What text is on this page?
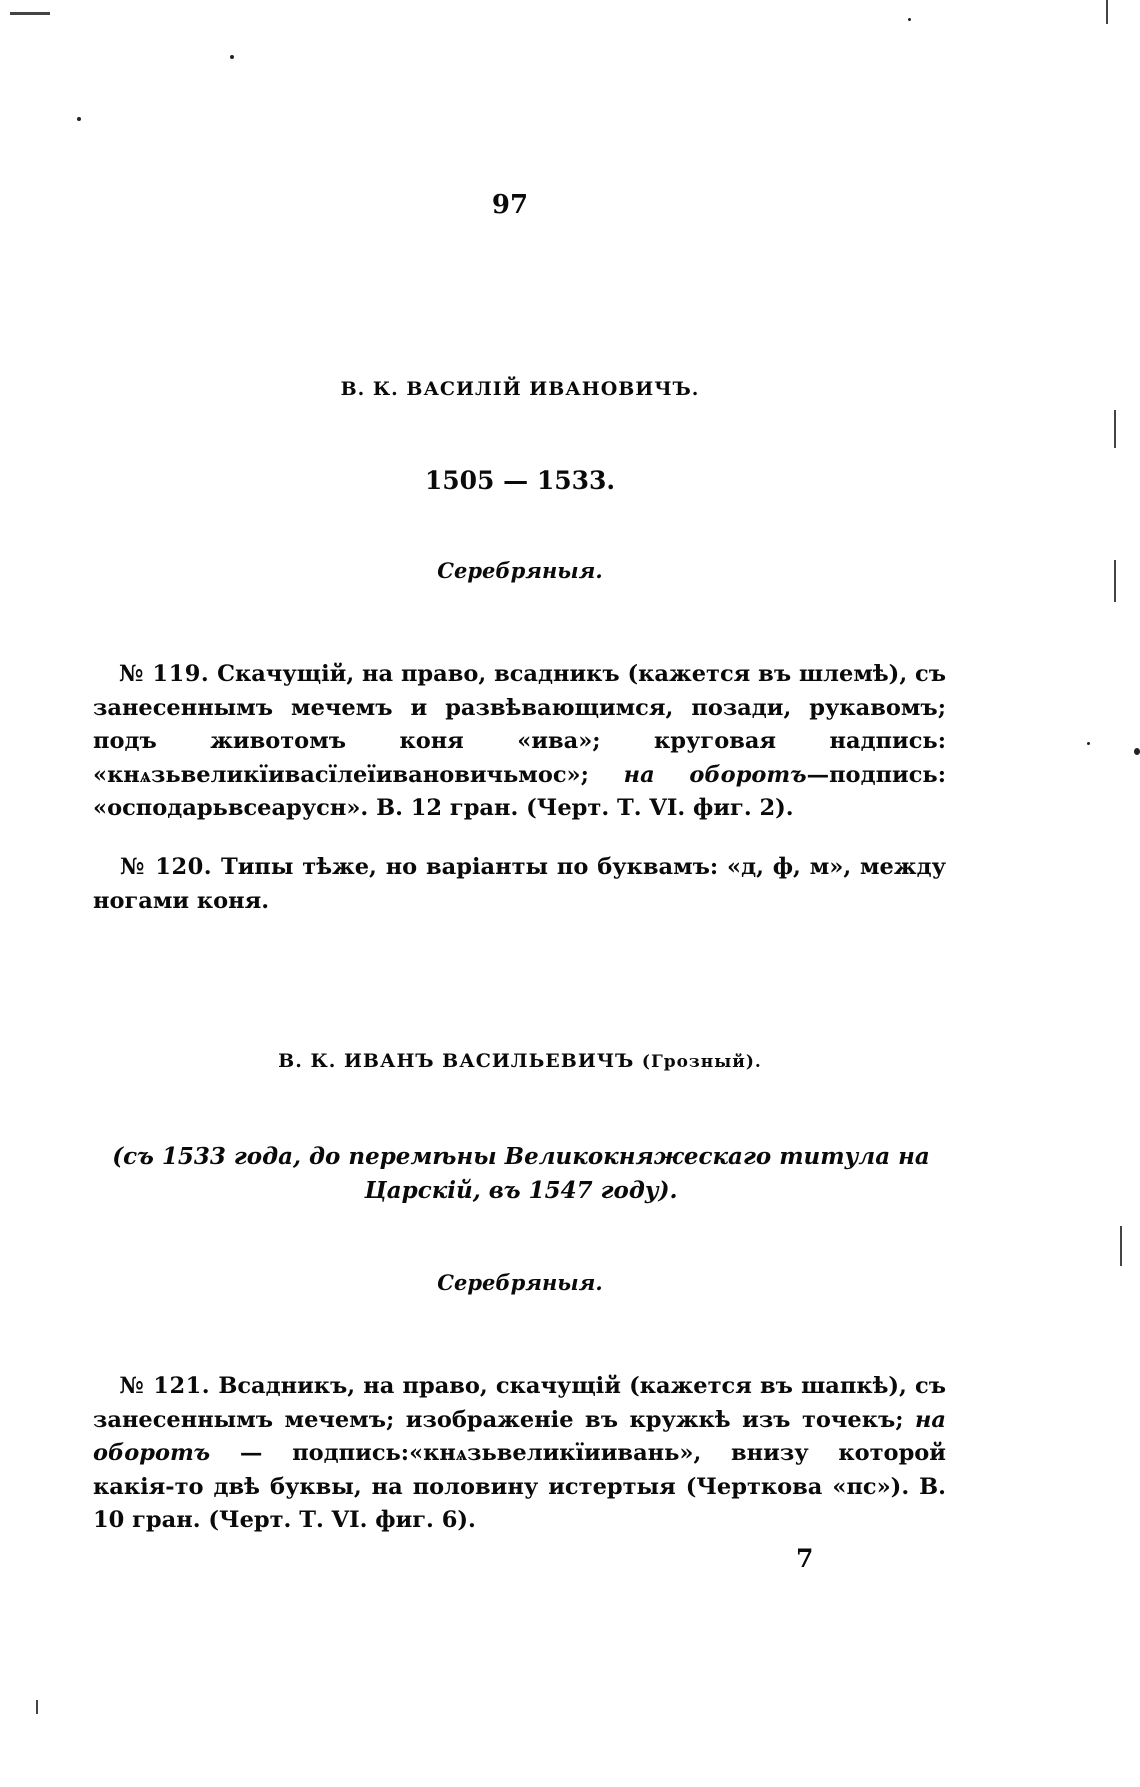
97
В. К. ВАСИЛІЙ ИВАНОВИЧЪ.
1505 — 1533.
Серебряныя.
№ 119. Скачущій, на право, всадникъ (кажется въ шлемѣ), съ занесеннымъ мечемъ и развѣвающимся, позади, рукавомъ; подъ животомъ коня «ива»; круговая надпись: «кнѧзьвеликїивасїлеїивановичьмос»; на оборотъ—подпись: «осподарьвсеарусн». В. 12 гран. (Черт. Т. VI. фиг. 2).
№ 120. Типы тѣже, но варіанты по буквамъ: «д, ф, м», между ногами коня.
В. К. ИВАНЪ ВАСИЛЬЕВИЧЪ (Грозный).
(съ 1533 года, до перемѣны Великокняжескаго титула на Царскій, въ 1547 году).
Серебряныя.
№ 121. Всадникъ, на право, скачущій (кажется въ шапкѣ), съ занесеннымъ мечемъ; изображеніе въ кружкѣ изъ точекъ; на оборотъ — подпись:«кнѧзьвеликїиивань», внизу которой какія-то двѣ буквы, на половину истертыя (Черткова «пс»). В. 10 гран. (Черт. Т. VI. фиг. 6).
7
